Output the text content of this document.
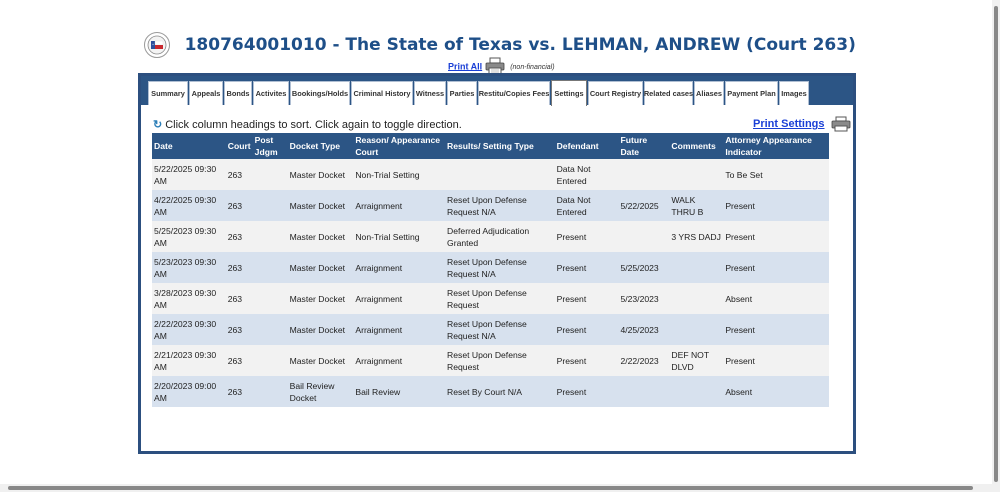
180764001010 - The State of Texas vs. LEHMAN, ANDREW (Court 263)
Print All	(non-financial)
Summary Appeals Bonds Activites Bookings/Holds Criminal History Witness Parties Restitu/Copies Fees Settings Court Registry Related cases Aliases Payment Plan Images
↻ Click column headings to sort. Click again to toggle direction.	Print Settings
Date	Court	Post Jdgm	Docket Type	Reason/ Appearance Court	Results/ Setting Type	Defendant	Future Date	Comments	Attorney Appearance Indicator
5/22/2025 09:30 AM	263		Master Docket	Non-Trial Setting		Data Not Entered			To Be Set
4/22/2025 09:30 AM	263		Master Docket	Arraignment	Reset Upon Defense Request N/A	Data Not Entered	5/22/2025	WALK THRU B	Present
5/25/2023 09:30 AM	263		Master Docket	Non-Trial Setting	Deferred Adjudication Granted	Present		3 YRS DADJ	Present
5/23/2023 09:30 AM	263		Master Docket	Arraignment	Reset Upon Defense Request N/A	Present	5/25/2023		Present
3/28/2023 09:30 AM	263		Master Docket	Arraignment	Reset Upon Defense Request	Present	5/23/2023		Absent
2/22/2023 09:30 AM	263		Master Docket	Arraignment	Reset Upon Defense Request N/A	Present	4/25/2023		Present
2/21/2023 09:30 AM	263		Master Docket	Arraignment	Reset Upon Defense Request	Present	2/22/2023	DEF NOT DLVD	Present
2/20/2023 09:00 AM	263		Bail Review Docket	Bail Review	Reset By Court N/A	Present			Absent
